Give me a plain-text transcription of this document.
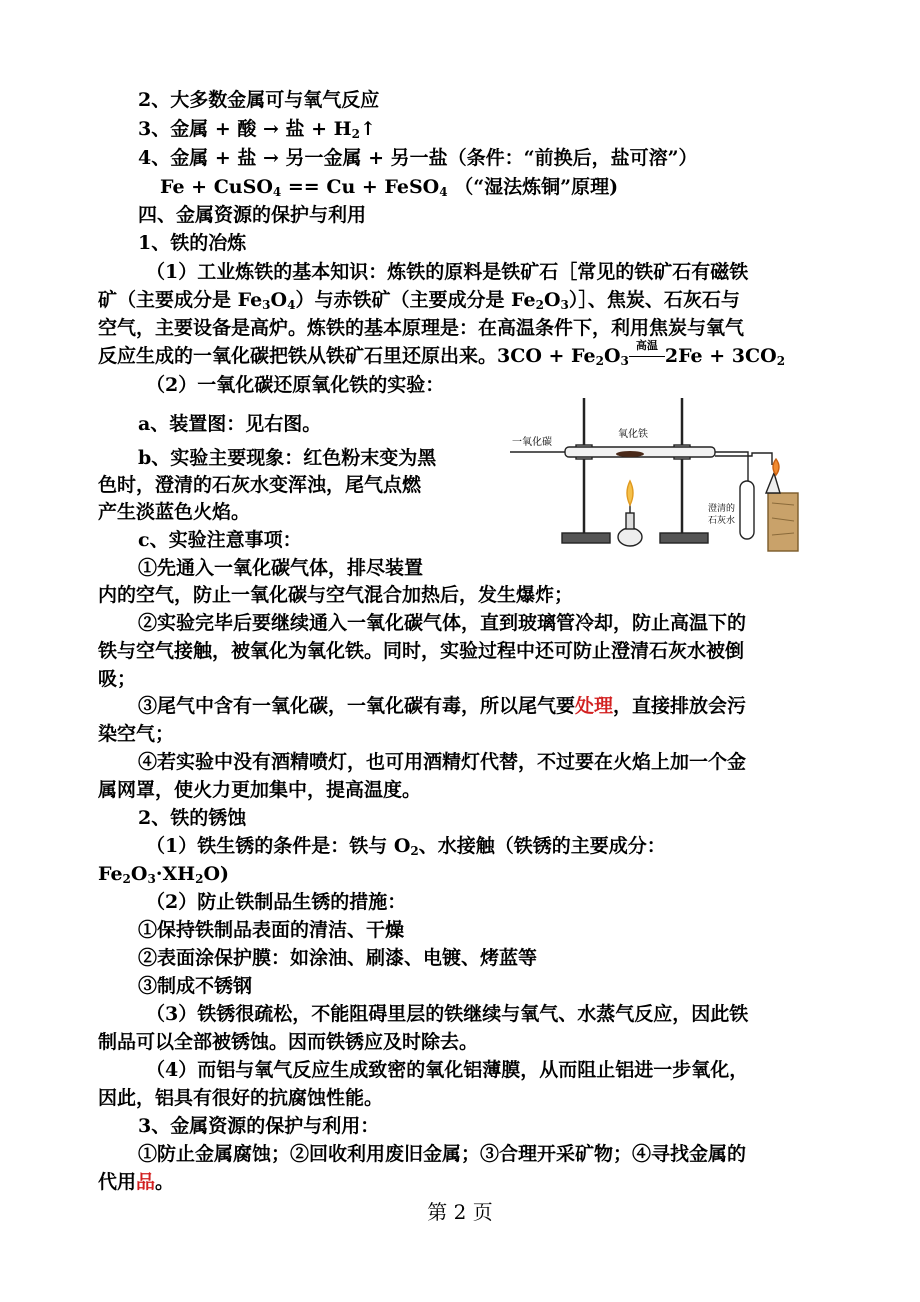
2、大多数金属可与氧气反应
3、金属 + 酸 → 盐 + $H_2↑$
4、金属 + 盐 → 另一金属 + 另一盐（条件：“前换后，盐可溶”）
Fe + CuSO$_4$ == Cu + FeSO$_4$ （“湿法炼铜”原理)
四、金属资源的保护与利用
1、铁的冶炼
（1）工业炼铁的基本知识：炼铁的原料是铁矿石［常见的铁矿石有磁铁
矿（主要成分是 $Fe_3O_4$）与赤铁矿（主要成分是 $Fe_2O_3)]$、焦炭、石灰石与
空气，主要设备是高炉。炼铁的基本原理是：在高温条件下，利用焦炭与氧气
反应生成的一氧化碳把铁从铁矿石里还原出来。$3CO + Fe_2O_3$
高温 $2Fe + 3CO_2$
（2）一氧化碳还原氧化铁的实验：
a、装置图：见右图。
b、实验主要现象：红色粉末变为黑
色时，澄清的石灰水变浑浊，尾气点燃
产生淡蓝色火焰。
c、实验注意事项：
①先通入一氧化碳气体，排尽装置
内的空气，防止一氧化碳与空气混合加热后，发生爆炸；
②实验完毕后要继续通入一氧化碳气体，直到玻璃管冷却，防止高温下的
铁与空气接触，被氧化为氧化铁。同时，实验过程中还可防止澄清石灰水被倒
吸；
③尾气中含有一氧化碳，一氧化碳有毒，所以尾气要处理，直接排放会污
染空气；
④若实验中没有酒精喷灯，也可用酒精灯代替，不过要在火焰上加一个金
属网罩，使火力更加集中，提高温度。
2、铁的锈蚀
（1）铁生锈的条件是：铁与 $O_2$、水接触（铁锈的主要成分：
$Fe_2O_3\cdot XH_2O$)
（2）防止铁制品生锈的措施：
①保持铁制品表面的清洁、干燥
②表面涂保护膜：如涂油、刷漆、电镀、烤蓝等
③制成不锈钢
（3）铁锈很疏松，不能阻碍里层的铁继续与氧气、水蒸气反应，因此铁
制品可以全部被锈蚀。因而铁锈应及时除去。
（4）而铝与氧气反应生成致密的氧化铝薄膜，从而阻止铝进一步氧化，
因此，铝具有很好的抗腐蚀性能。
3、金属资源的保护与利用：
①防止金属腐蚀；②回收利用废旧金属；③合理开采矿物；④寻找金属的
代用品。
第 2 页
一氧化碳
氧化铁
澄清的
石灰水
